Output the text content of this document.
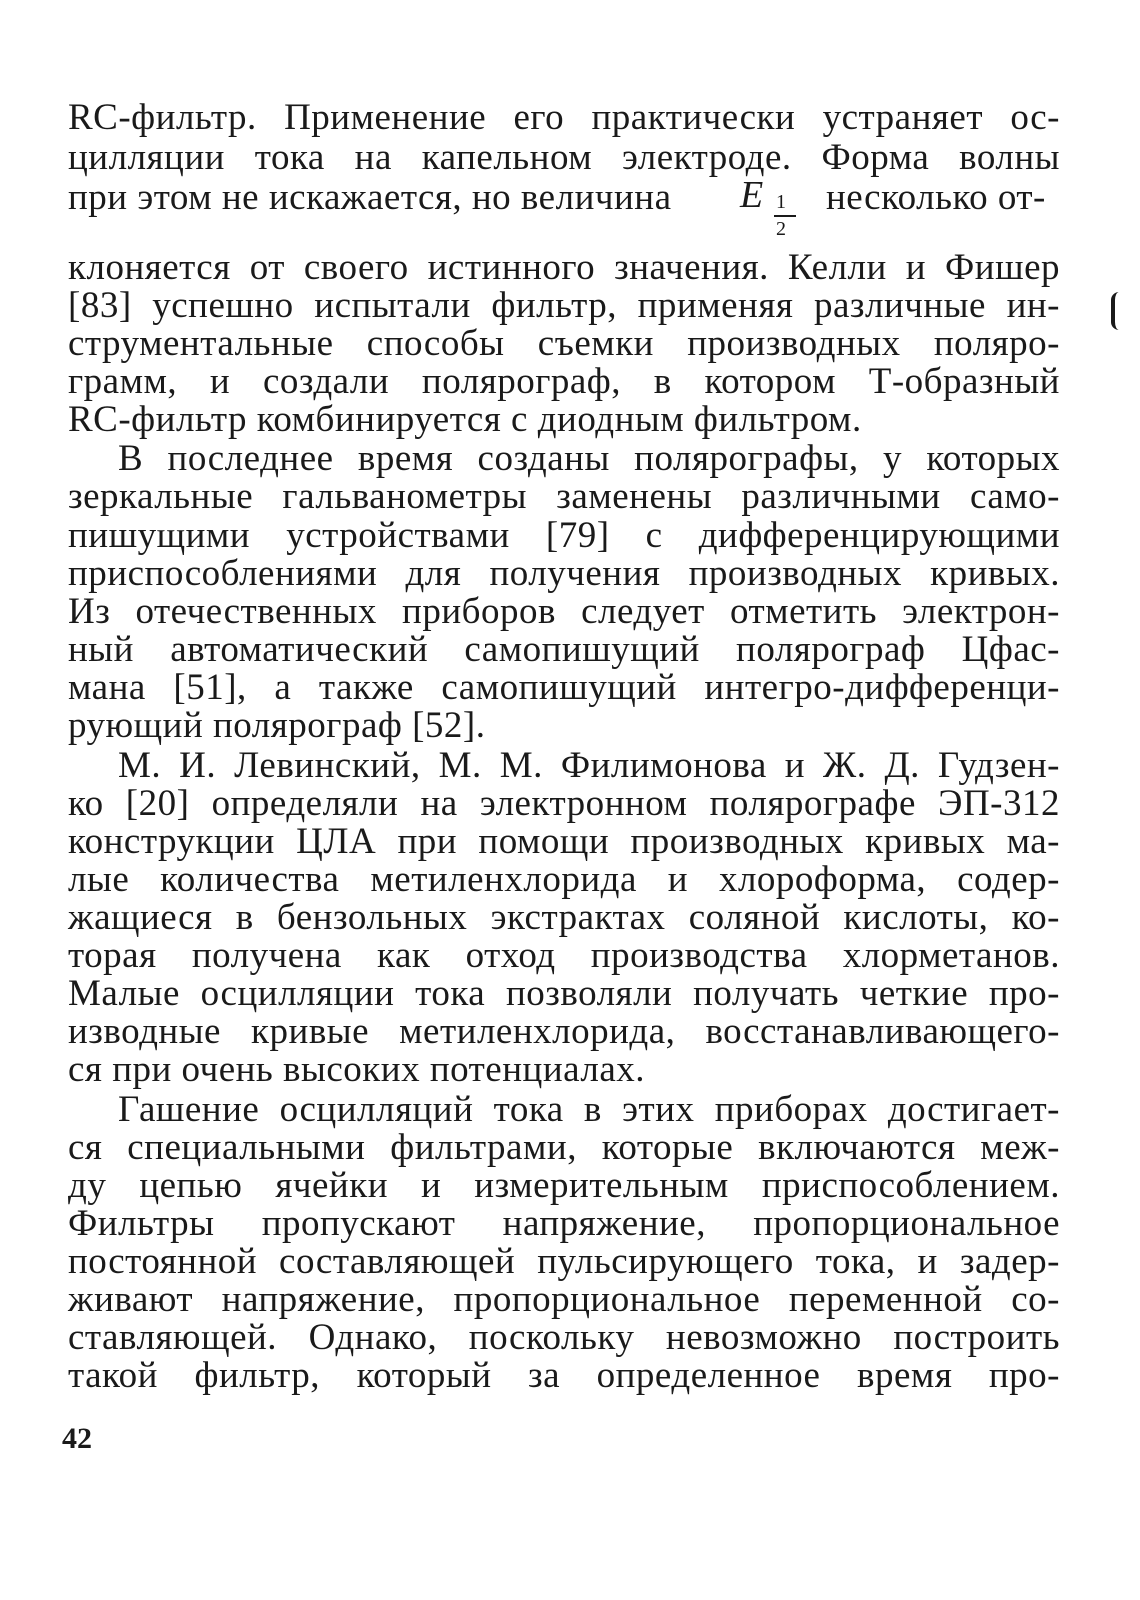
RC-фильтр. Применение его практически устраняет ос-
цилляции тока на капельном электроде. Форма волны
при этом не искажается, но величина	E 1
2
несколько от-
клоняется от своего истинного значения. Келли и Фишер
[83] успешно испытали фильтр, применяя различные ин-
струментальные способы съемки производных поляро-
грамм, и создали полярограф, в котором Т-образный
RC-фильтр комбинируется с диодным фильтром.
В последнее время созданы полярографы, у которых
зеркальные гальванометры заменены различными само-
пишущими устройствами [79] с дифференцирующими
приспособлениями для получения производных кривых.
Из отечественных приборов следует отметить электрон-
ный автоматический самопишущий полярограф Цфас-
мана [51], а также самопишущий интегро-дифференци-
рующий полярограф [52].
М. И. Левинский, М. М. Филимонова и Ж. Д. Гудзен-
ко [20] определяли на электронном полярографе ЭП-312
конструкции ЦЛА при помощи производных кривых ма-
лые количества метиленхлорида и хлороформа, содер-
жащиеся в бензольных экстрактах соляной кислоты, ко-
торая получена как отход производства хлорметанов.
Малые осцилляции тока позволяли получать четкие про-
изводные кривые метиленхлорида, восстанавливающего-
ся при очень высоких потенциалах.
Гашение осцилляций тока в этих приборах достигает-
ся специальными фильтрами, которые включаются меж-
ду цепью ячейки и измерительным приспособлением.
Фильтры пропускают напряжение, пропорциональное
постоянной составляющей пульсирующего тока, и задер-
живают напряжение, пропорциональное переменной со-
ставляющей. Однако, поскольку невозможно построить
такой фильтр, который за определенное время про-
42
